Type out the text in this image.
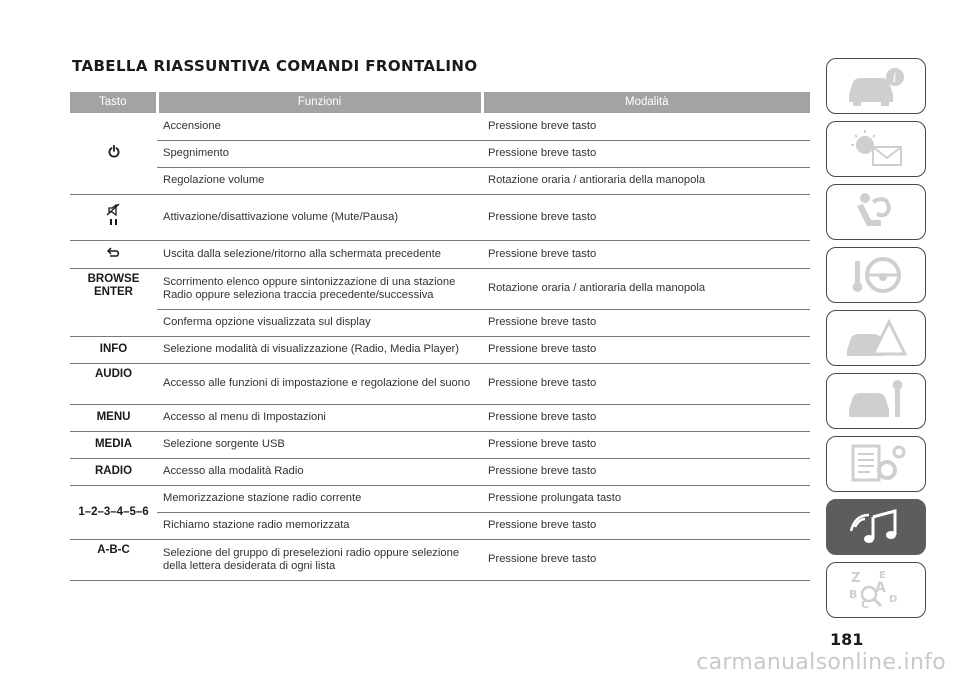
TABELLA RIASSUNTIVA COMANDI FRONTALINO
Tasto	Funzioni	Modalità
	Accensione	Pressione breve tasto
	Spegnimento	Pressione breve tasto
	Regolazione volume	Rotazione oraria / antioraria della manopola
	Attivazione/disattivazione volume (Mute/Pausa)	Pressione breve tasto
	Uscita dalla selezione/ritorno alla schermata precedente	Pressione breve tasto
BROWSE ENTER	Scorrimento elenco oppure sintonizzazione di una stazione Radio oppure seleziona traccia precedente/successiva	Rotazione oraria / antioraria della manopola
	Conferma opzione visualizzata sul display	Pressione breve tasto
INFO	Selezione modalità di visualizzazione (Radio, Media Player)	Pressione breve tasto
AUDIO	Accesso alle funzioni di impostazione e regolazione del suono	Pressione breve tasto
MENU	Accesso al menu di Impostazioni	Pressione breve tasto
MEDIA	Selezione sorgente USB	Pressione breve tasto
RADIO	Accesso alla modalità Radio	Pressione breve tasto
1–2–3–4–5–6	Memorizzazione stazione radio corrente	Pressione prolungata tasto
	Richiamo stazione radio memorizzata	Pressione breve tasto
A-B-C	Selezione del gruppo di preselezioni radio oppure selezione della lettera desiderata di ogni lista	Pressione breve tasto
i
Z E
A
B
C D
181
carmanualsonline.info
